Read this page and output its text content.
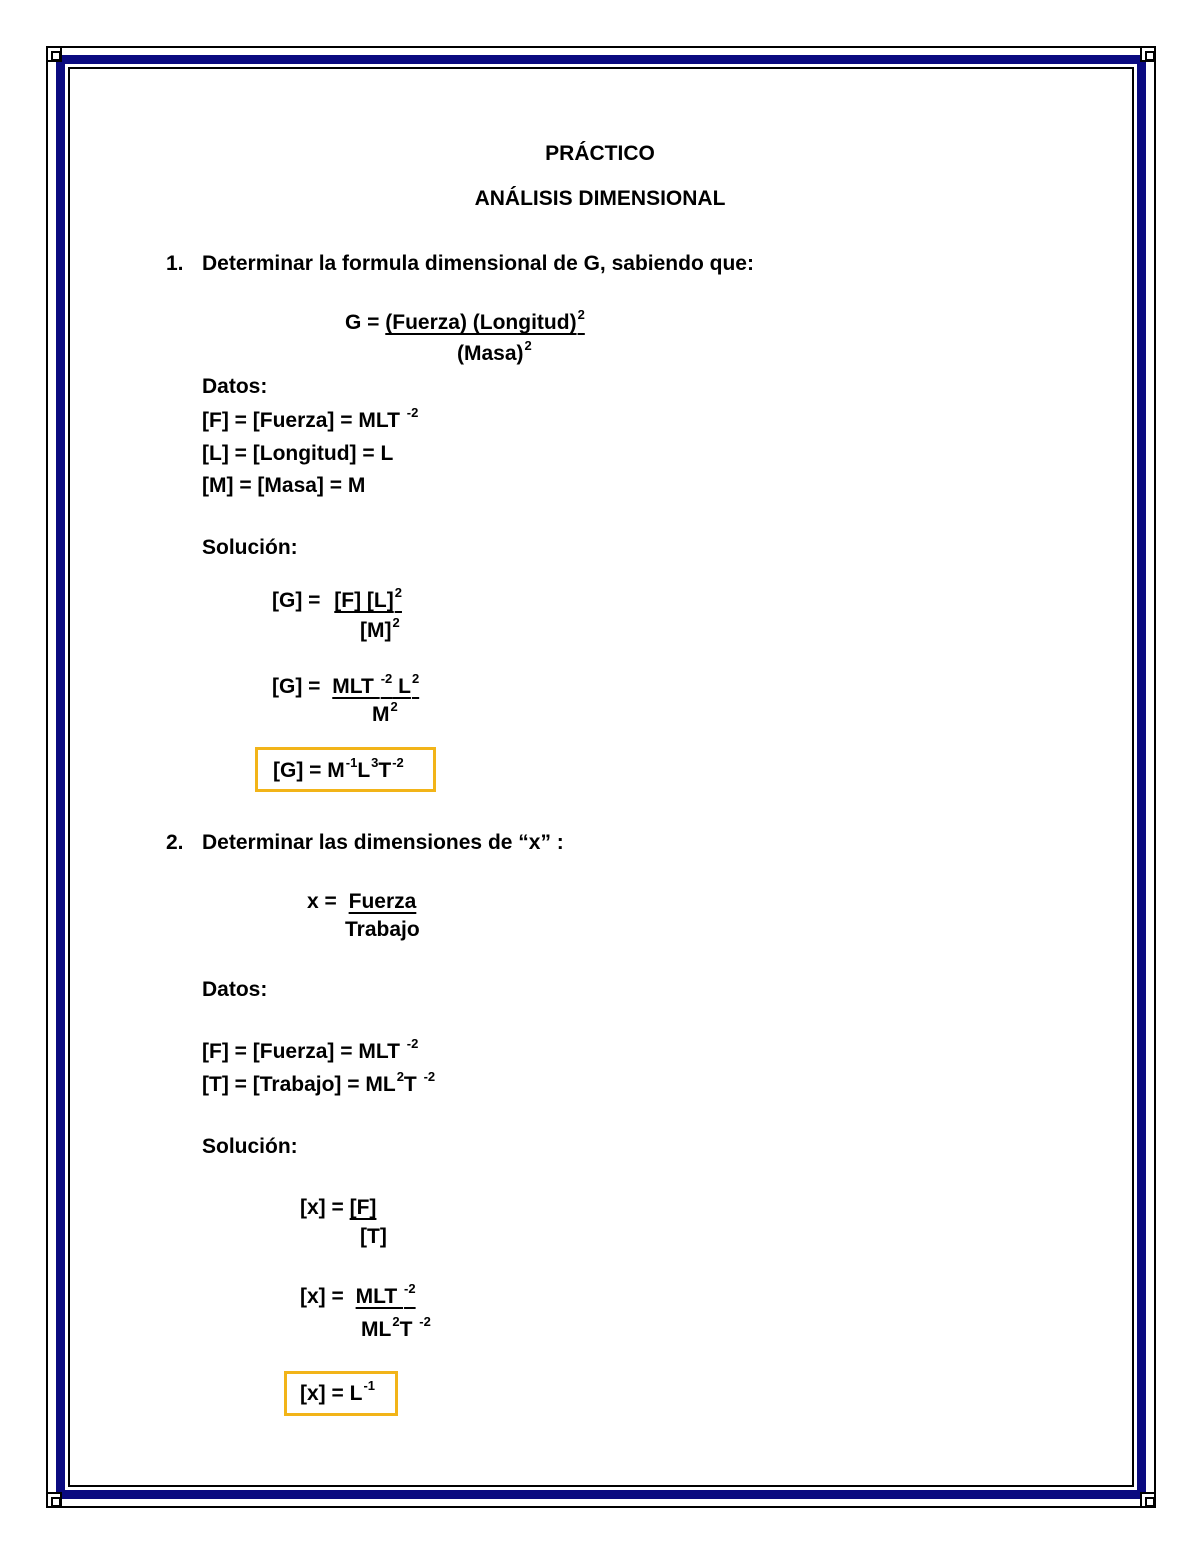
PRÁCTICO
ANÁLISIS DIMENSIONAL
1. Determinar la formula dimensional de G, sabiendo que:
G = (Fuerza) (Longitud)$^2$
(Masa)$^2$
Datos:
[F] = [Fuerza] = MLT $^{-2}$
[L] = [Longitud] = L
[M] = [Masa] = M
Solución:
[G] = [F] $[L]^2$
$[M]^2$
[G] = MLT $^{-2}$ $L^2$
$M^2$
$[G] = M^{-1}L^3T^{-2}$
2. Determinar las dimensiones de “x” :
x = Fuerza
Trabajo
Datos:
[F] = [Fuerza] = MLT $^{-2}$
[T] = [Trabajo] = $ML^2T$ $^{-2}$
Solución:
[x] = [F]
[T]
[x] = MLT $^{-2}$
$ML^2T$ $^{-2}$
$[x] = L^{-1}$
